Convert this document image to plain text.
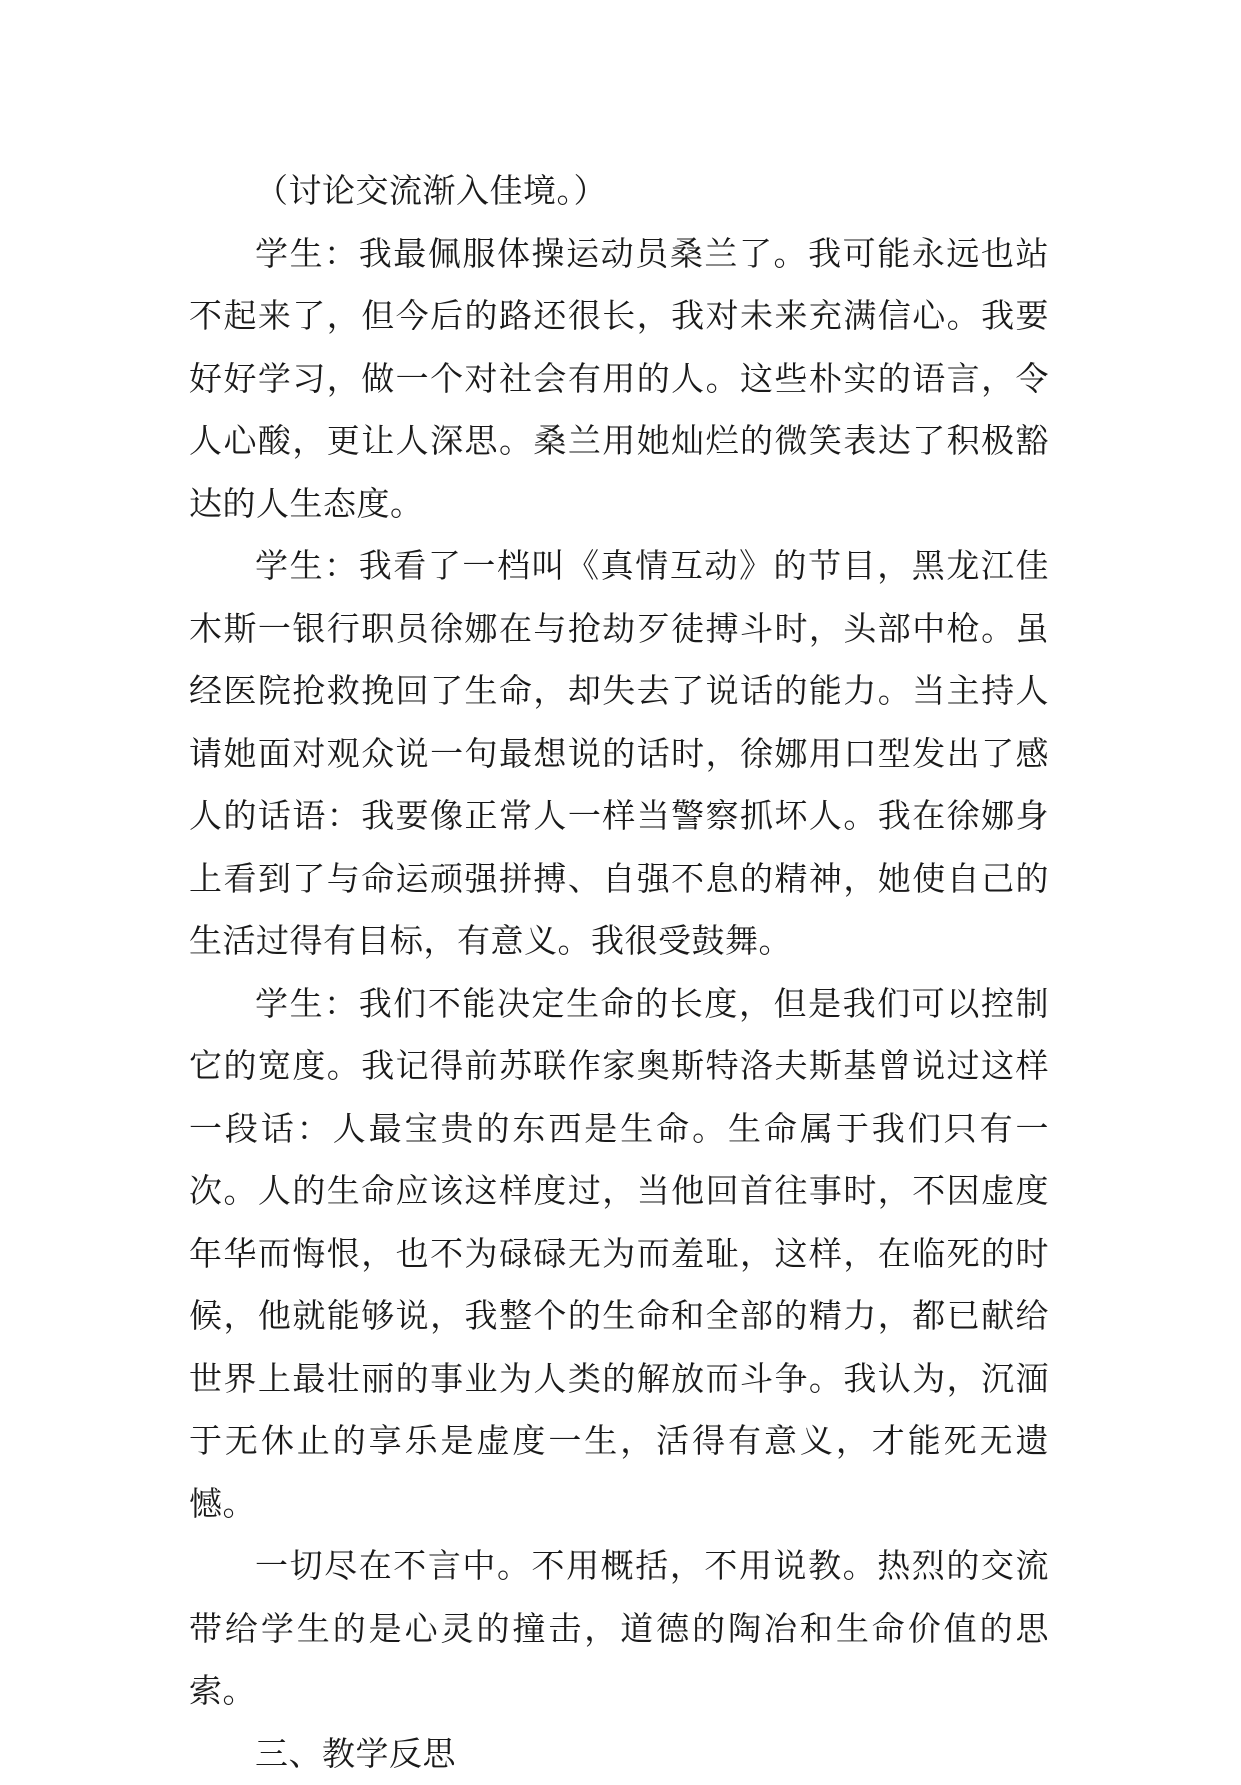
（讨论交流渐入佳境。）

学生：我最佩服体操运动员桑兰了。我可能永远也站不起来了，但今后的路还很长，我对未来充满信心。我要好好学习，做一个对社会有用的人。这些朴实的语言，令人心酸，更让人深思。桑兰用她灿烂的微笑表达了积极豁达的人生态度。

学生：我看了一档叫《真情互动》的节目，黑龙江佳木斯一银行职员徐娜在与抢劫歹徒搏斗时，头部中枪。虽经医院抢救挽回了生命，却失去了说话的能力。当主持人请她面对观众说一句最想说的话时，徐娜用口型发出了感人的话语：我要像正常人一样当警察抓坏人。我在徐娜身上看到了与命运顽强拼搏、自强不息的精神，她使自己的生活过得有目标，有意义。我很受鼓舞。

学生：我们不能决定生命的长度，但是我们可以控制它的宽度。我记得前苏联作家奥斯特洛夫斯基曾说过这样一段话：人最宝贵的东西是生命。生命属于我们只有一次。人的生命应该这样度过，当他回首往事时，不因虚度年华而悔恨，也不为碌碌无为而羞耻，这样，在临死的时候，他就能够说，我整个的生命和全部的精力，都已献给世界上最壮丽的事业为人类的解放而斗争。我认为，沉湎于无休止的享乐是虚度一生，活得有意义，才能死无遗憾。

一切尽在不言中。不用概括，不用说教。热烈的交流带给学生的是心灵的撞击，道德的陶冶和生命价值的思索。

三、教学反思
